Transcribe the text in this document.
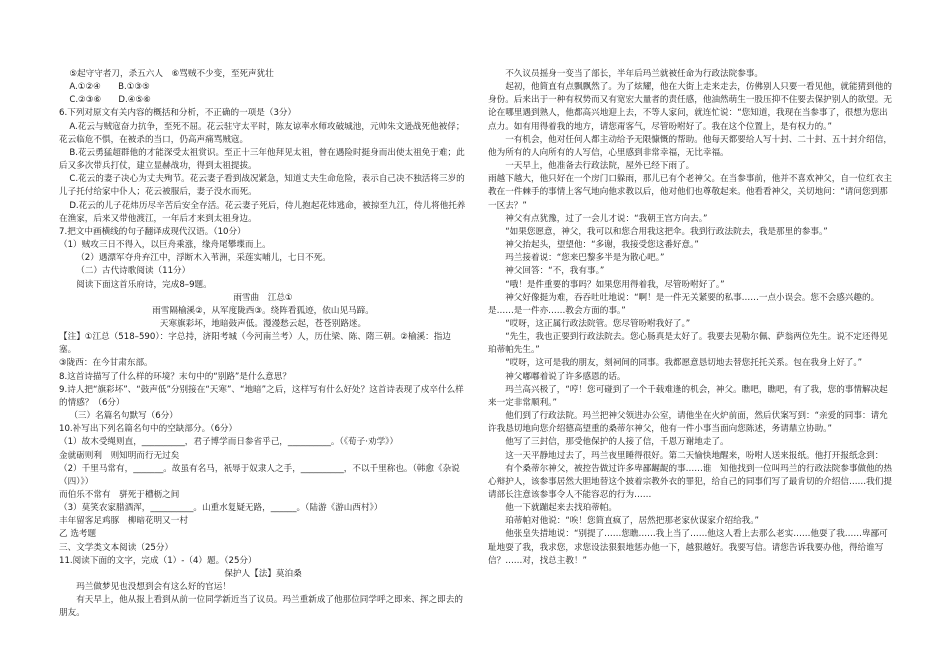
⑤起守守者刀，杀五六人　⑥骂贼不少变，至死声犹壮

A.①②④　　B.①③⑤

C.②③⑥　　D.④⑤⑥

6.下列对原文有关内容的概括和分析，不正确的一项是（3分）

A.花云与贼寇奋力抗争，至死不屈。花云驻守太平时，陈友谅率水师攻破城池，元帅朱文逊战死他被俘；花云临危不惧，在被杀的当口，仍高声痛骂贼寇。

B.花云勇猛超群他的才能深受太祖赏识。至正十三年他拜见太祖，曾在遇险时挺身而出使太祖免于难；此后又多次带兵打仗，建立显赫战功，得到太祖提拔。

C.花云的妻子决心为丈夫殉节。花云妻子看到战况紧急，知道丈夫生命危险，表示自己决不独活将三岁的儿子托付给家中仆人；花云被服后，妻子没水而死。

D.花云的儿子花炜历尽辛苦后安全存活。花云妻子死后，侍儿抱起花炜逃命，被掠至九江，侍儿将他托养在渔家，后来又带他渡江，一年后才来到太祖身边。

7.把文中画横线的句子翻译成现代汉语。（10分）

（1）贼攻三日不得入，以巨舟乘涨，缘舟尾攀堞而上。

（2）遇漂军夺舟弃江中，浮断木入苇洲，采莲实哺儿，七日不死。

（二）古代诗歌阅读（11分）

阅读下面这首乐府诗，完成8–9题。

雨雪曲　江总①

雨雪隔榆溪②，从军度陇西③。绕阵看狐迹，依山见马蹄。

天寒旗彩坏，地暗鼓声低。漫漫愁云起，苍苍别路迷。

【注】①江总（518–590）：字总持，济阳考城（今河南兰考）人，历仕梁、陈、隋三朝。②榆溪：指边塞。

③陇西：在今甘肃东部。

8.这首诗描写了什么样的环境？末句中的“别路”是什么意思？

9.诗人把“旗彩坏”、“鼓声低”分别接在“天寒”、“地暗”之后，这样写有什么好处？这首诗表现了戍卒什么样的情感？（6分）

（三）名篇名句默写（6分）

10.补写出下列名篇名句中的空缺部分。（6分）

（1）故木受绳则直，__________，君子博学而日参省乎己，__________。（《荀子·劝学》）

金就砺则利　则知明而行无过矣

（2）千里马常有，_______。故虽有名马，祇辱于奴隶人之手，__________，不以千里称也。（韩愈《杂说（四）》）

而伯乐不常有　骈死于槽枥之间

（3）莫笑农家腊酒浑，__________。山重水复疑无路，______。（陆游《游山西村》）

丰年留客足鸡豚　柳暗花明又一村

乙 选考题

三、文学类文本阅读（25分）

11.阅读下面的文字，完成（1）-（4）题。（25分）

保护人【法】莫泊桑

玛兰做梦见也没想到会有这么好的官运！

有天早上，他从报上看到从前一位同学新近当了议员。玛兰重新成了他那位同学呼之即来、挥之即去的朋友。

不久议员摇身一变当了部长，半年后玛兰就被任命为行政法院参事。

起初，他简直有点飘飘然了。为了炫耀，他在大街上走来走去，仿佛别人只要一看见他，就能猜到他的身份。后来出于一种有权势而又有宽宏大量者的责任感，他油然萌生一股压抑不住要去保护别人的欲望。无论在哪里遇到熟人，他都高兴地迎上去，不等人家问，就连忙说：“您知道，我现在当参事了，很想为您出点力。如有用得着我的地方，请您甭客气，尽管吩咐好了。我在这个位置上，是有权力的。”

一有机会，他对任何人都主动给予无限慷慨的帮助。他每天都要给人写十封、二十封、五十封介绍信，他为所有的人向所有的人写信，心里感到非常幸福，无比幸福。

一天早上，他准备去行政法院，屋外已经下雨了。

雨越下越大，他只好在一个房门口躲雨，那儿已有个老神父。在当参事前，他并不喜欢神父，自一位红衣主教在一件棘手的事情上客气地向他求教以后，他对他们也尊敬起来。他看看神父，关切地问：“请问您到那一区去？”

神父有点犹豫，过了一会儿才说：“我朝王宫方向去。”

“如果您愿意，神父，我可以和您合用我这把伞。我到行政法院去，我是那里的参事。”

神父抬起头，望望他：“多谢，我接受您这番好意。”

玛兰接着说：“您来巴黎多半是为散心吧。”

神父回答：“不，我有事。”

“哦！是件重要的事吗？如果您用得着我，尽管吩咐好了。”

神父好像挺为难，吞吞吐吐地说：“啊！是一件无关紧要的私事……一点小误会。您不会感兴趣的。是……是一件亦……教会方面的事。”

“哎呀，这正属行政法院管。您尽管吩咐我好了。”

“先生，我也正要到行政法院去。您心肠真是太好了。我要去见勒尔佩、萨翁两位先生。说不定还得见珀蒂帕先生。”

“哎呀，这可是我的朋友，刻祠间的同事。我都愿意恳切地去替您托托关系。包在我身上好了。”

神父嘟嘟着说了许多感恩的话。

玛兰高兴极了，“哼！您可碰到了一个千载难逢的机会，神父。瞧吧，瞧吧，有了我，您的事情解决起来一定非常顺利。”

他们到了行政法院。玛兰把神父领进办公室，请他坐在火炉前面，然后伏案写到：“亲爱的同事：请允许我恳切地向您介绍德高望重的桑蒂尔神父，他有一件小事当面向您陈述，务请鼎立协助。”

他写了三封信，那受他保护的人接了信，千恩万谢地走了。

这一天平静地过去了，玛兰夜里睡得很好。第二天愉快地醒来，吩咐人送来报纸。他打开报纸念到：

有个桑蒂尔神父，被控告做过许多卑鄙龌龊的事……谁　知他找到一位叫玛兰的行政法院参事做他的热心辩护人，该参事居然大胆地替这个披着宗教外衣的罪犯，给自己的同事们写了最肯切的介绍信……我们提请部长注意该参事令人不能容忍的行为……

他一下就蹦起来去找珀蒂帕。

珀蒂帕对他说：“唉！您简直疯了，居然把那老家伙谋家介绍给我。”

他张皇失措地说：“别提了……您瞧……我上当了……他这人看上去那么老实……他耍了我……卑鄙可耻地耍了我，我求您，求您设法狠狠地惩办他一下，越狠越好。我要写信。请您告诉我要办他，得给谁写信？……对，找总主教！”
